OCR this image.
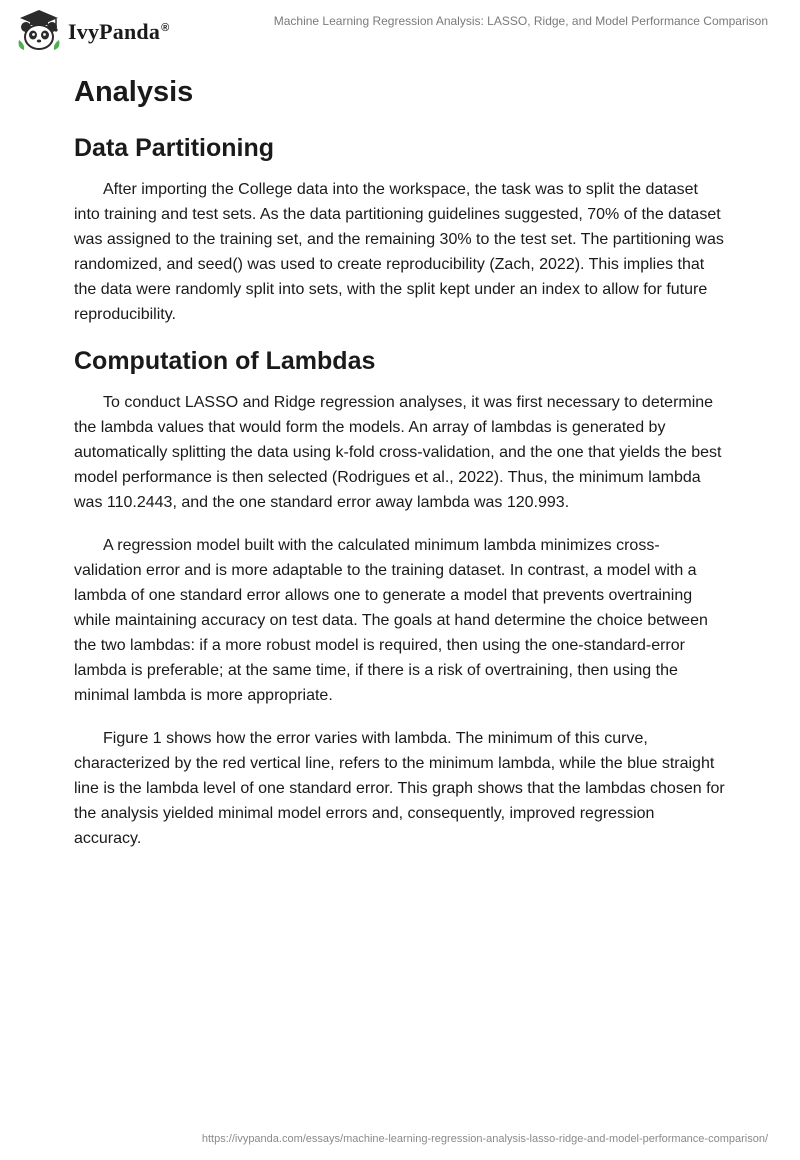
IvyPanda®	Machine Learning Regression Analysis: LASSO, Ridge, and Model Performance Comparison
Analysis
Data Partitioning

After importing the College data into the workspace, the task was to split the dataset into training and test sets. As the data partitioning guidelines suggested, 70% of the dataset was assigned to the training set, and the remaining 30% to the test set. The partitioning was randomized, and seed() was used to create reproducibility (Zach, 2022). This implies that the data were randomly split into sets, with the split kept under an index to allow for future reproducibility.

Computation of Lambdas

To conduct LASSO and Ridge regression analyses, it was first necessary to determine the lambda values that would form the models. An array of lambdas is generated by automatically splitting the data using k-fold cross-validation, and the one that yields the best model performance is then selected (Rodrigues et al., 2022). Thus, the minimum lambda was 110.2443, and the one standard error away lambda was 120.993.

A regression model built with the calculated minimum lambda minimizes cross-validation error and is more adaptable to the training dataset. In contrast, a model with a lambda of one standard error allows one to generate a model that prevents overtraining while maintaining accuracy on test data. The goals at hand determine the choice between the two lambdas: if a more robust model is required, then using the one-standard-error lambda is preferable; at the same time, if there is a risk of overtraining, then using the minimal lambda is more appropriate.

Figure 1 shows how the error varies with lambda. The minimum of this curve, characterized by the red vertical line, refers to the minimum lambda, while the blue straight line is the lambda level of one standard error. This graph shows that the lambdas chosen for the analysis yielded minimal model errors and, consequently, improved regression accuracy.

https://ivypanda.com/essays/machine-learning-regression-analysis-lasso-ridge-and-model-performance-comparison/
